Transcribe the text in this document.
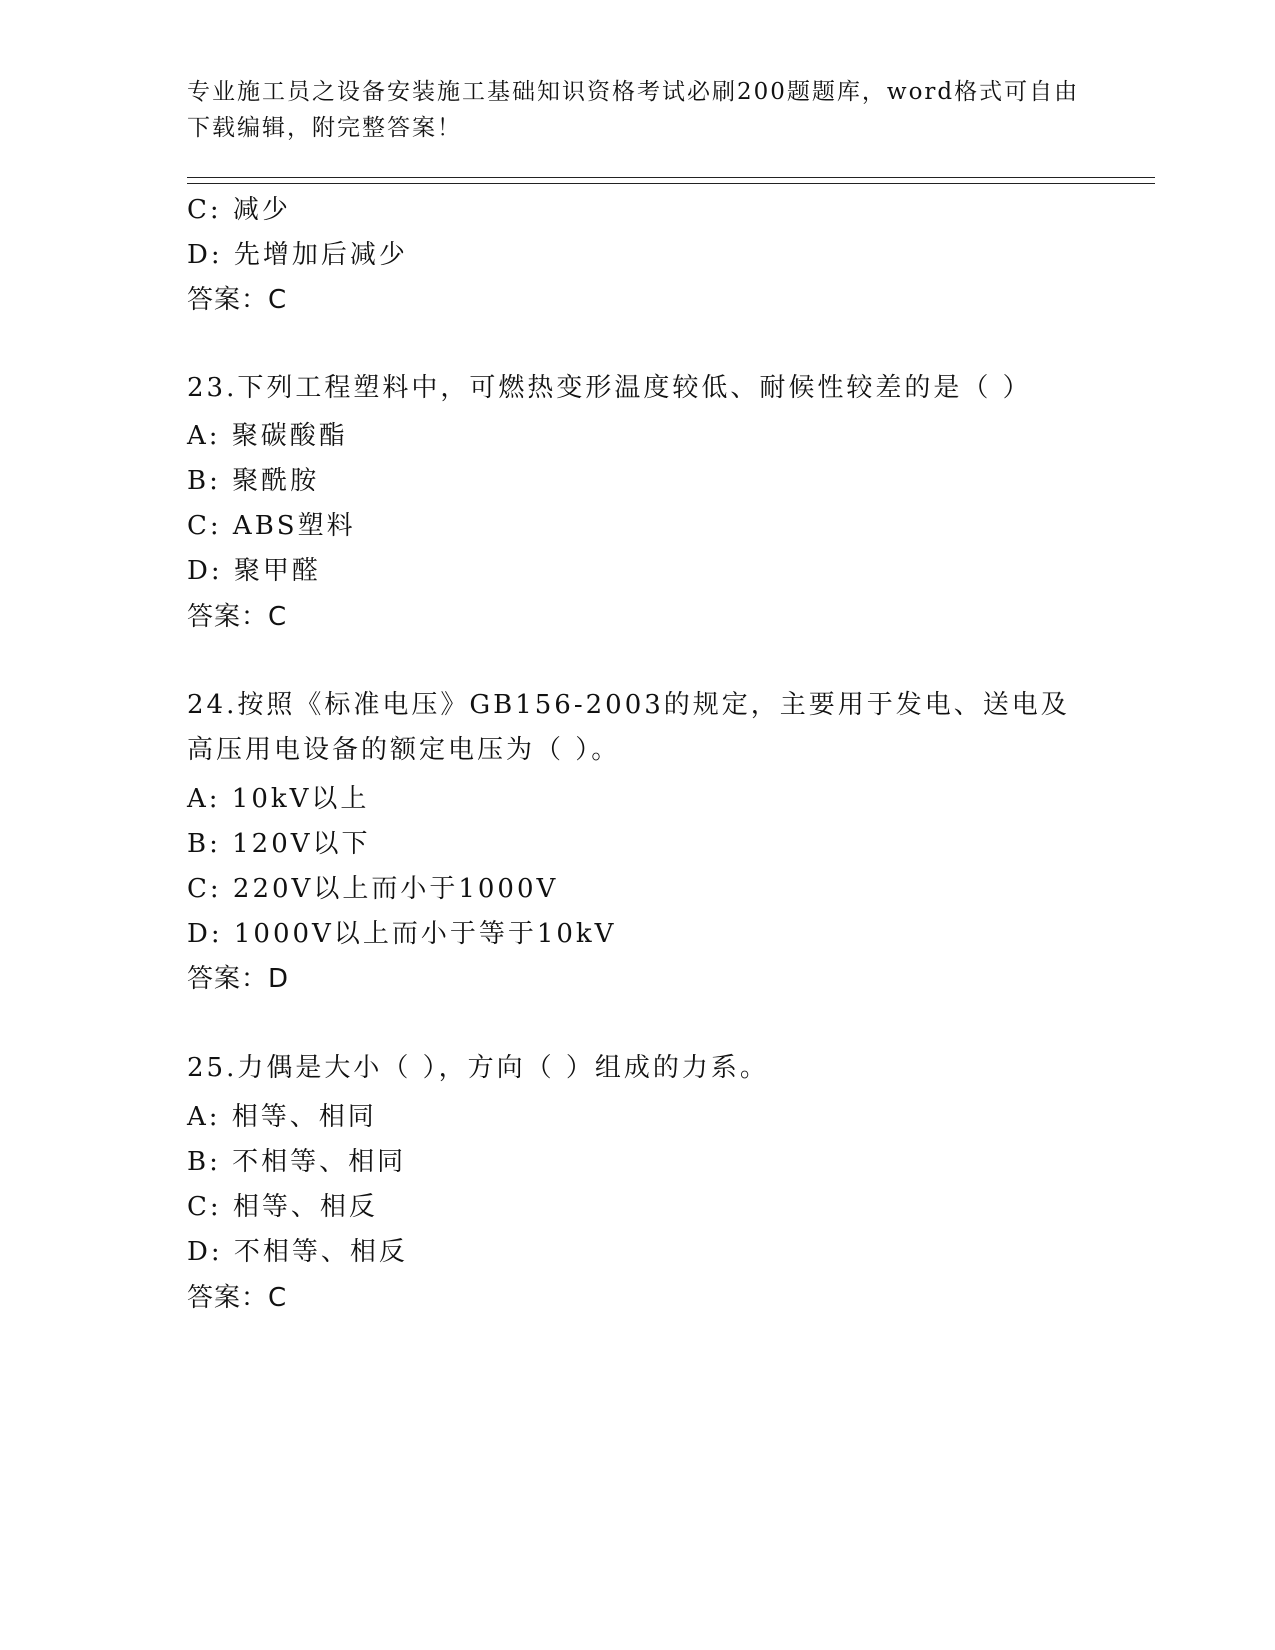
专业施工员之设备安装施工基础知识资格考试必刷200题题库，word格式可自由下载编辑，附完整答案！
C: 减少
D: 先增加后减少
答案：C
23.下列工程塑料中，可燃热变形温度较低、耐候性较差的是（ ）
A: 聚碳酸酯
B: 聚酰胺
C: ABS塑料
D: 聚甲醛
答案：C
24.按照《标准电压》GB156-2003的规定，主要用于发电、送电及高压用电设备的额定电压为（ ）。
A: 10kV以上
B: 120V以下
C: 220V以上而小于1000V
D: 1000V以上而小于等于10kV
答案：D
25.力偶是大小（ ），方向（ ）组成的力系。
A: 相等、相同
B: 不相等、相同
C: 相等、相反
D: 不相等、相反
答案：C
